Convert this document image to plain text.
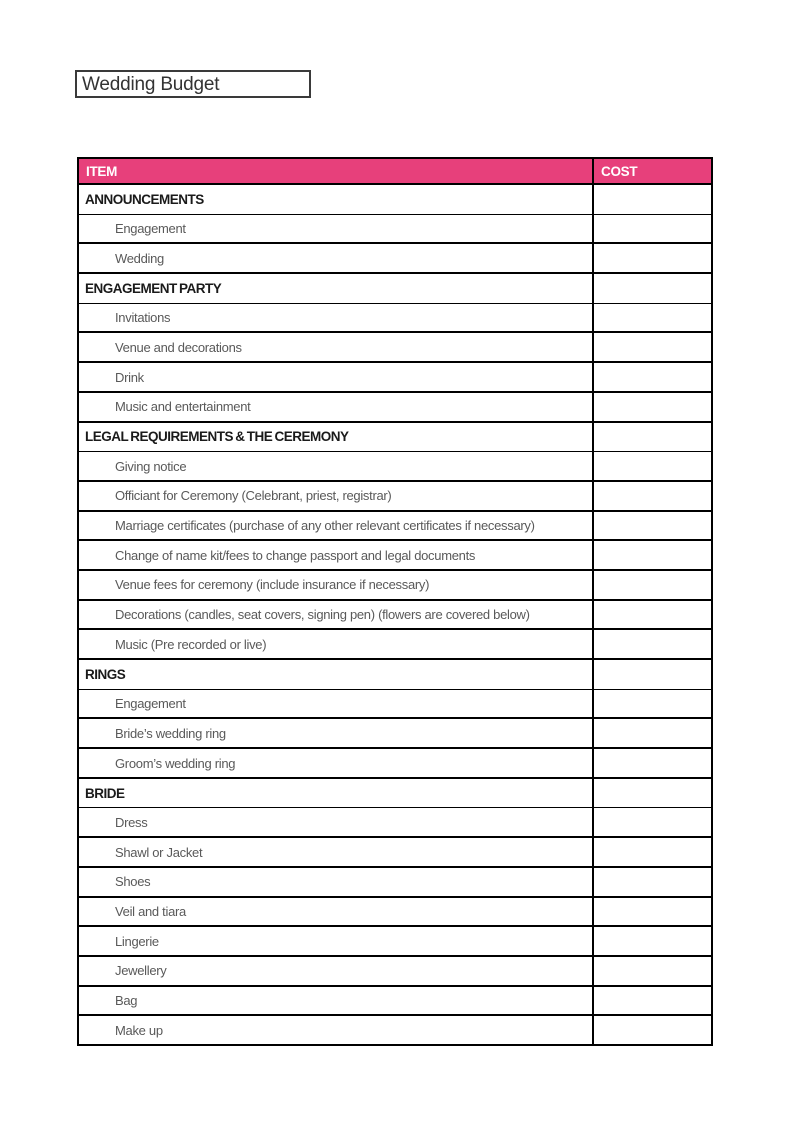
Wedding Budget
ITEM	COST

ANNOUNCEMENTS	

Engagement	

Wedding	

ENGAGEMENT PARTY	

Invitations	

Venue and decorations	

Drink	

Music and entertainment	

LEGAL REQUIREMENTS & THE CEREMONY	

Giving notice	

Officiant for Ceremony (Celebrant, priest, registrar)	

Marriage certificates (purchase of any other relevant certificates if necessary)	

Change of name kit/fees to change passport and legal documents	

Venue fees for ceremony (include insurance if necessary)	

Decorations (candles, seat covers, signing pen) (flowers are covered below)	

Music (Pre recorded or live)	

RINGS	

Engagement	

Bride’s wedding ring	

Groom’s wedding ring	

BRIDE	

Dress	

Shawl or Jacket	

Shoes	

Veil and tiara	

Lingerie	

Jewellery	

Bag	

Make up	
